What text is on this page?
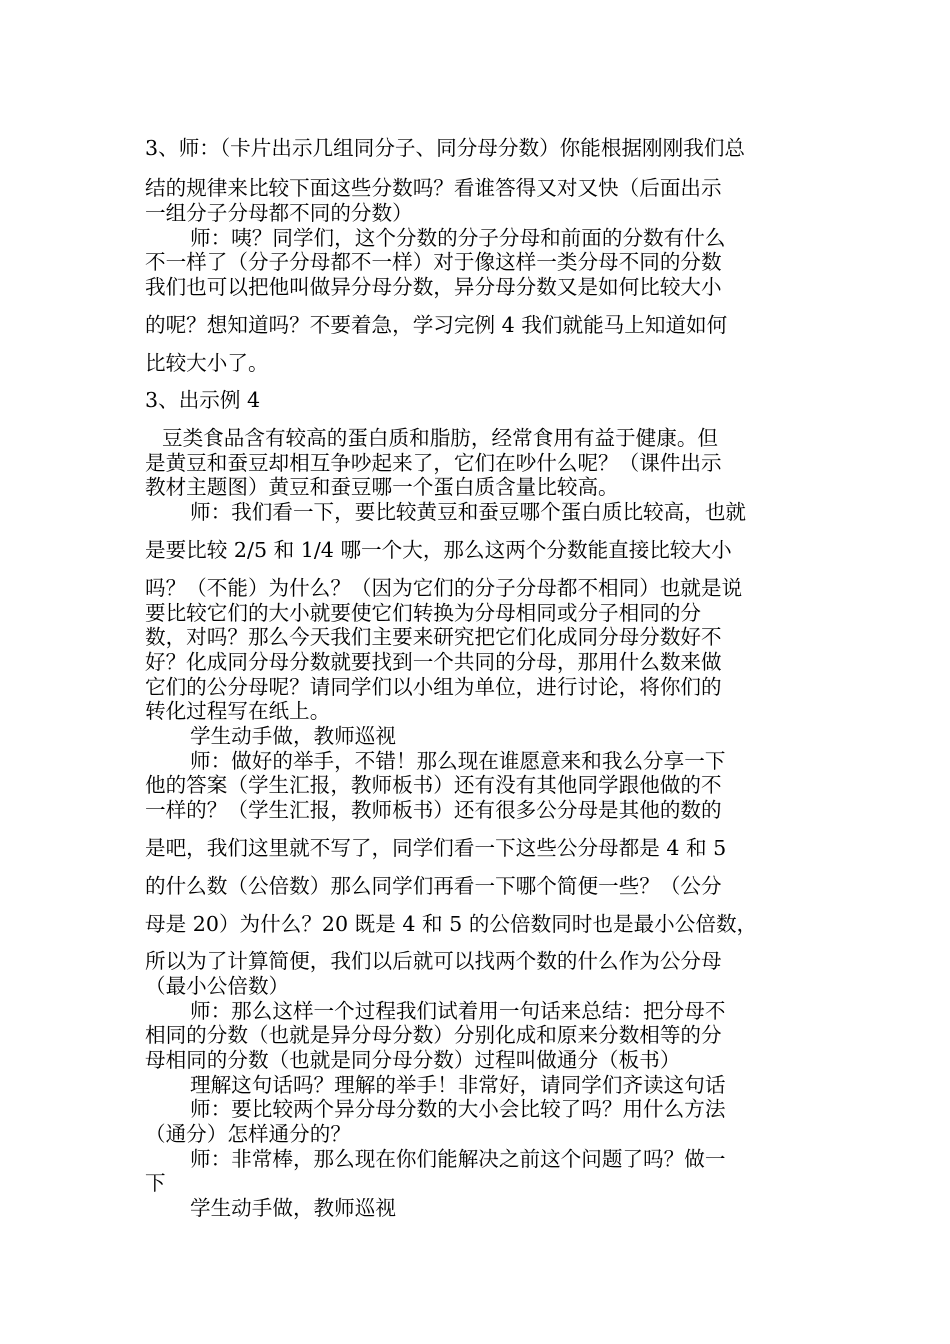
3、师：（卡片出示几组同分子、同分母分数）你能根据刚刚我们总
结的规律来比较下面这些分数吗？看谁答得又对又快（后面出示
一组分子分母都不同的分数）
师：咦？同学们，这个分数的分子分母和前面的分数有什么
不一样了（分子分母都不一样）对于像这样一类分母不同的分数
我们也可以把他叫做异分母分数，异分母分数又是如何比较大小
的呢？想知道吗？不要着急，学习完例 4 我们就能马上知道如何
比较大小了。
3、出示例 4
豆类食品含有较高的蛋白质和脂肪，经常食用有益于健康。但
是黄豆和蚕豆却相互争吵起来了，它们在吵什么呢？（课件出示
教材主题图）黄豆和蚕豆哪一个蛋白质含量比较高。
师：我们看一下，要比较黄豆和蚕豆哪个蛋白质比较高，也就
是要比较 2/5 和 1/4 哪一个大，那么这两个分数能直接比较大小
吗？（不能）为什么？（因为它们的分子分母都不相同）也就是说
要比较它们的大小就要使它们转换为分母相同或分子相同的分
数，对吗？那么今天我们主要来研究把它们化成同分母分数好不
好？化成同分母分数就要找到一个共同的分母，那用什么数来做
它们的公分母呢？请同学们以小组为单位，进行讨论，将你们的
转化过程写在纸上。
学生动手做，教师巡视
师：做好的举手，不错！那么现在谁愿意来和我么分享一下
他的答案（学生汇报，教师板书）还有没有其他同学跟他做的不
一样的？（学生汇报，教师板书）还有很多公分母是其他的数的
是吧，我们这里就不写了，同学们看一下这些公分母都是 4 和 5
的什么数（公倍数）那么同学们再看一下哪个简便一些？（公分
母是 20）为什么？20 既是 4 和 5 的公倍数同时也是最小公倍数，
所以为了计算简便，我们以后就可以找两个数的什么作为公分母
（最小公倍数）
师：那么这样一个过程我们试着用一句话来总结：把分母不
相同的分数（也就是异分母分数）分别化成和原来分数相等的分
母相同的分数（也就是同分母分数）过程叫做通分（板书）
理解这句话吗？理解的举手！非常好，请同学们齐读这句话
师：要比较两个异分母分数的大小会比较了吗？用什么方法
（通分）怎样通分的？
师：非常棒，那么现在你们能解决之前这个问题了吗？做一
下
学生动手做，教师巡视
